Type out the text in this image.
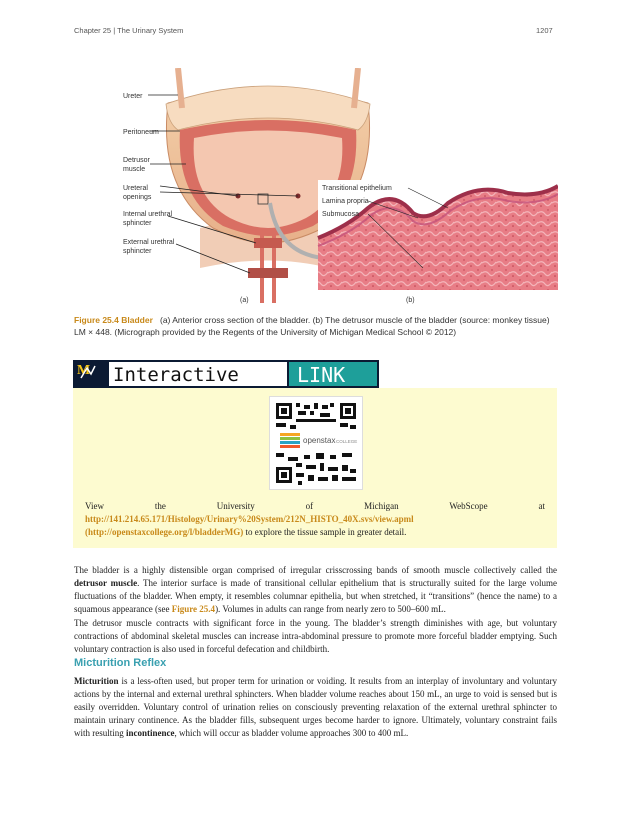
Chapter 25 | The Urinary System	1207
Ureter
Peritoneum
Detrusor
muscle
Ureteral
openings
Internal urethral
sphincter
External urethral
sphincter
Transitional epithelium
Lamina propria
Submucosa
(a)	(b)
Figure 25.4 Bladder (a) Anterior cross section of the bladder. (b) The detrusor muscle of the bladder (source: monkey tissue) LM × 448. (Micrograph provided by the Regents of the University of Michigan Medical School © 2012)
M Interactive	LINK
openstax COLLEGE
View the University of Michigan WebScope at http://141.214.65.171/Histology/Urinary%20System/212N_HISTO_40X.svs/view.apml (http://openstaxcollege.org/l/bladderMG) to explore the tissue sample in greater detail.

The bladder is a highly distensible organ comprised of irregular crisscrossing bands of smooth muscle collectively called the detrusor muscle. The interior surface is made of transitional cellular epithelium that is structurally suited for the large volume fluctuations of the bladder. When empty, it resembles columnar epithelia, but when stretched, it “transitions” (hence the name) to a squamous appearance (see Figure 25.4). Volumes in adults can range from nearly zero to 500–600 mL.

The detrusor muscle contracts with significant force in the young. The bladder’s strength diminishes with age, but voluntary contractions of abdominal skeletal muscles can increase intra-abdominal pressure to promote more forceful bladder emptying. Such voluntary contraction is also used in forceful defecation and childbirth.

Micturition Reflex

Micturition is a less-often used, but proper term for urination or voiding. It results from an interplay of involuntary and voluntary actions by the internal and external urethral sphincters. When bladder volume reaches about 150 mL, an urge to void is sensed but is easily overridden. Voluntary control of urination relies on consciously preventing relaxation of the external urethral sphincter to maintain urinary continence. As the bladder fills, subsequent urges become harder to ignore. Ultimately, voluntary constraint fails with resulting incontinence, which will occur as bladder volume approaches 300 to 400 mL.
